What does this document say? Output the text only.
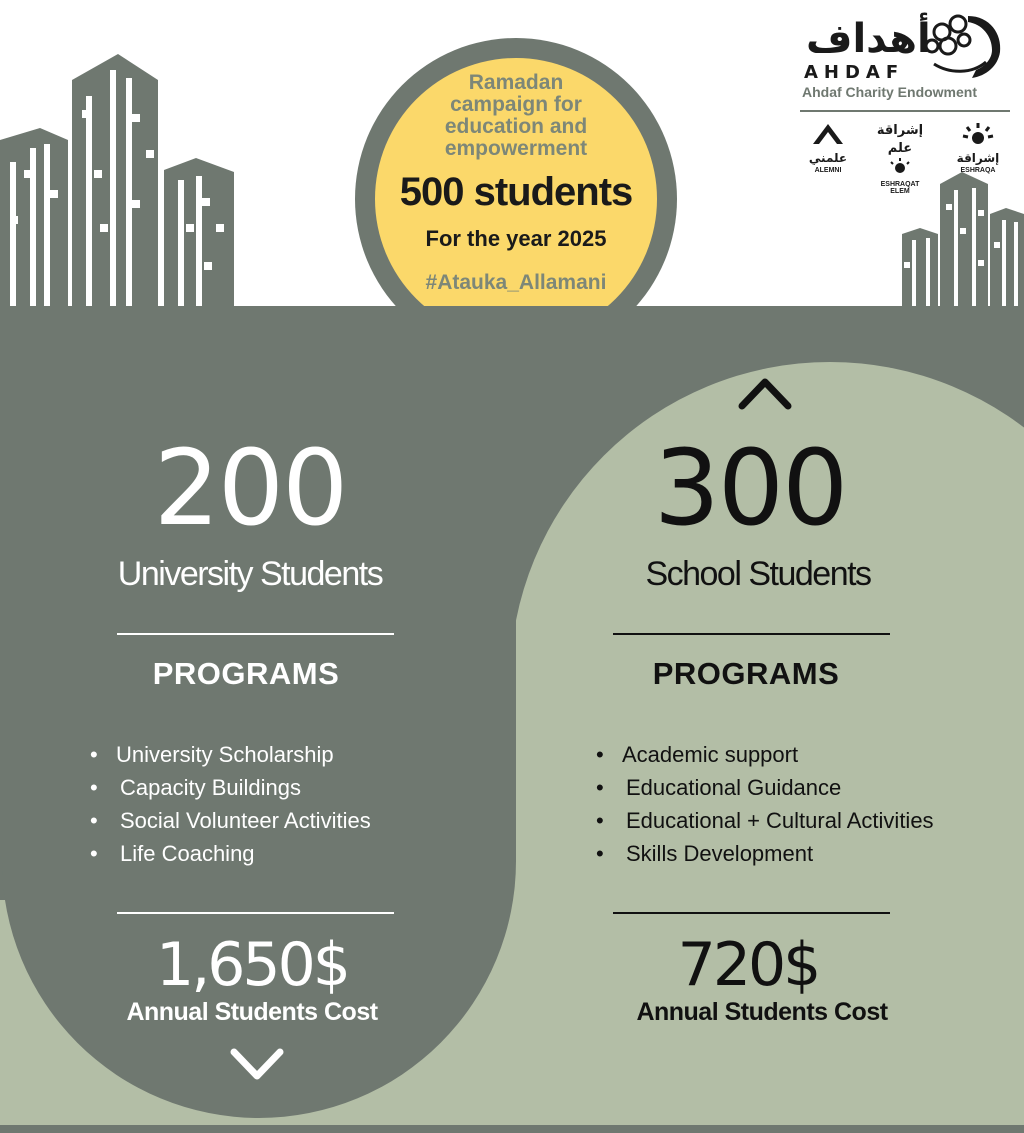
Ramadan campaign for education and empowerment
500 students
For the year 2025
#Atauka_Allamani
أهداف
AHDAF
Ahdaf Charity Endowment
علمني
ALEMNI
إشراقة علم
ESHRAQAT ELEM
إشراقة
ESHRAQA
200
University Students
PROGRAMS
• University Scholarship
• Capacity Buildings
• Social Volunteer Activities
• Life Coaching
1,650$
Annual Students Cost
300
School Students
PROGRAMS
• Academic support
• Educational Guidance
• Educational + Cultural Activities
• Skills Development
720$
Annual Students Cost
